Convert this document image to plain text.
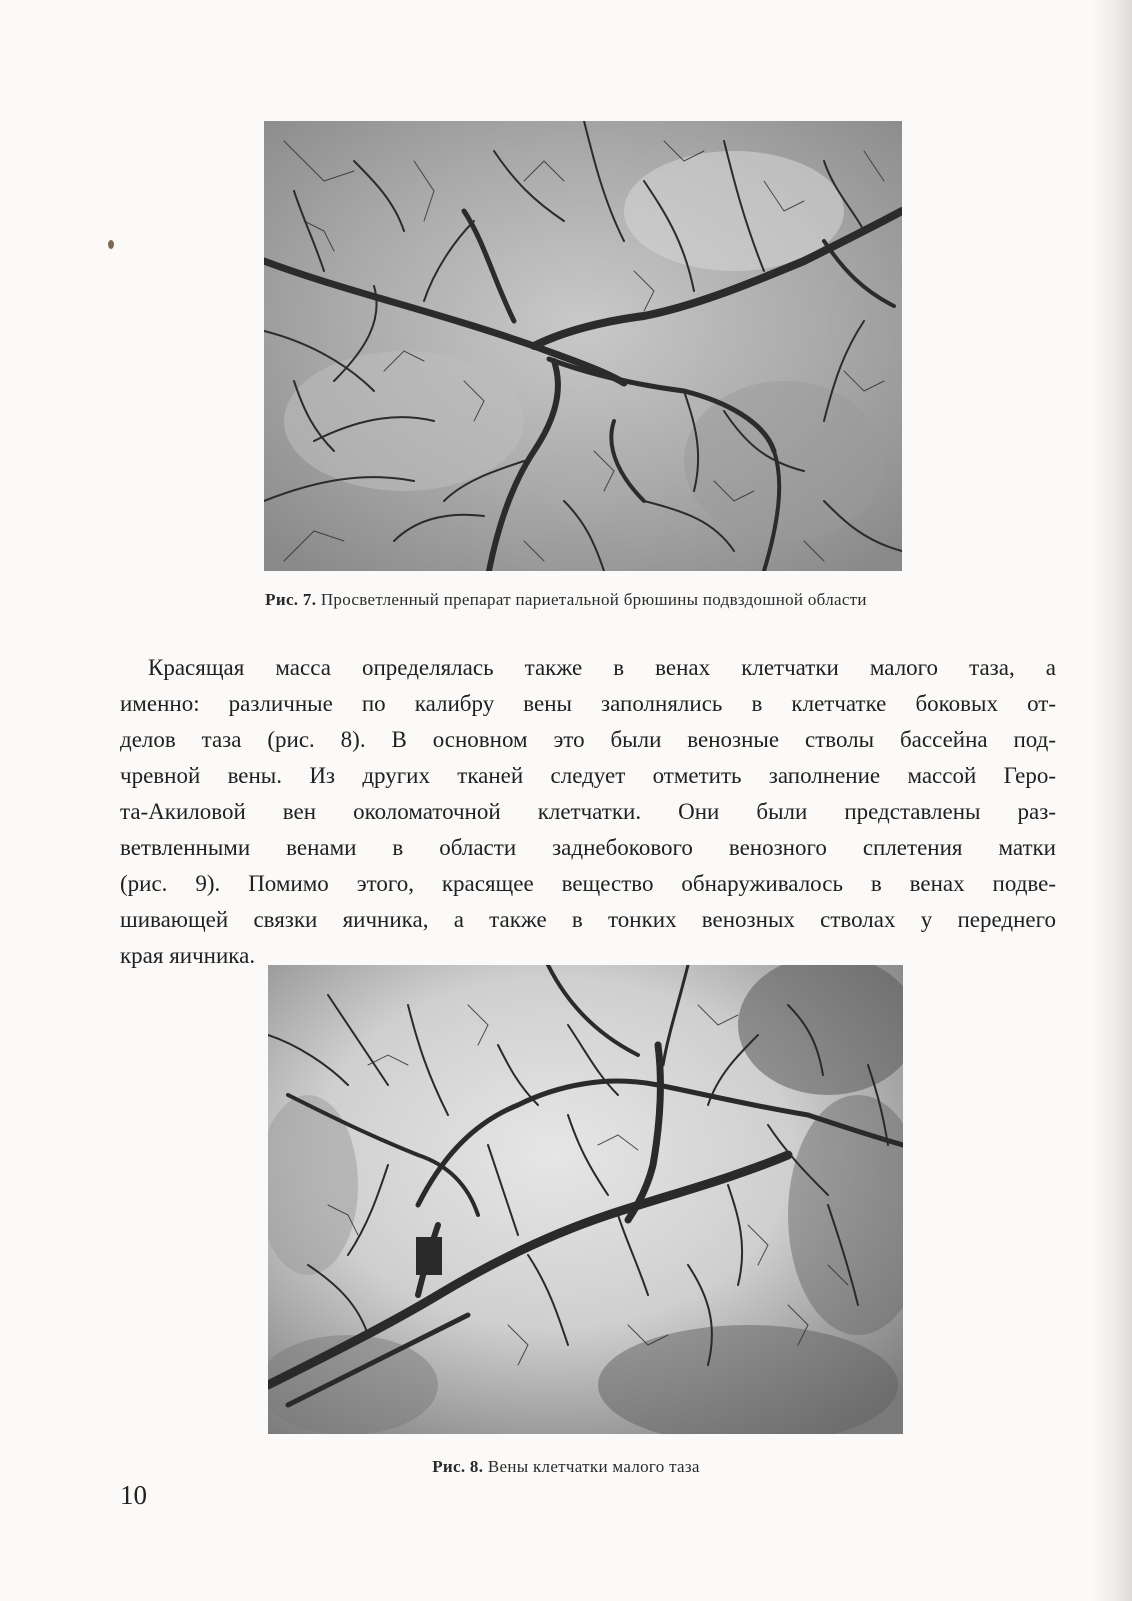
Рис. 7. Просветленный препарат париетальной брюшины подвздошной области
Красящая масса определялась также в венах клетчатки малого таза, а
именно: различные по калибру вены заполнялись в клетчатке боковых от-
делов таза (рис. 8). В основном это были венозные стволы бассейна под-
чревной вены. Из других тканей следует отметить заполнение массой Геро-
та-Акиловой вен околоматочной клетчатки. Они были представлены раз-
ветвленными венами в области заднебокового венозного сплетения матки
(рис. 9). Помимо этого, красящее вещество обнаруживалось в венах подве-
шивающей связки яичника, а также в тонких венозных стволах у переднего
края яичника.
Рис. 8. Вены клетчатки малого таза
10
